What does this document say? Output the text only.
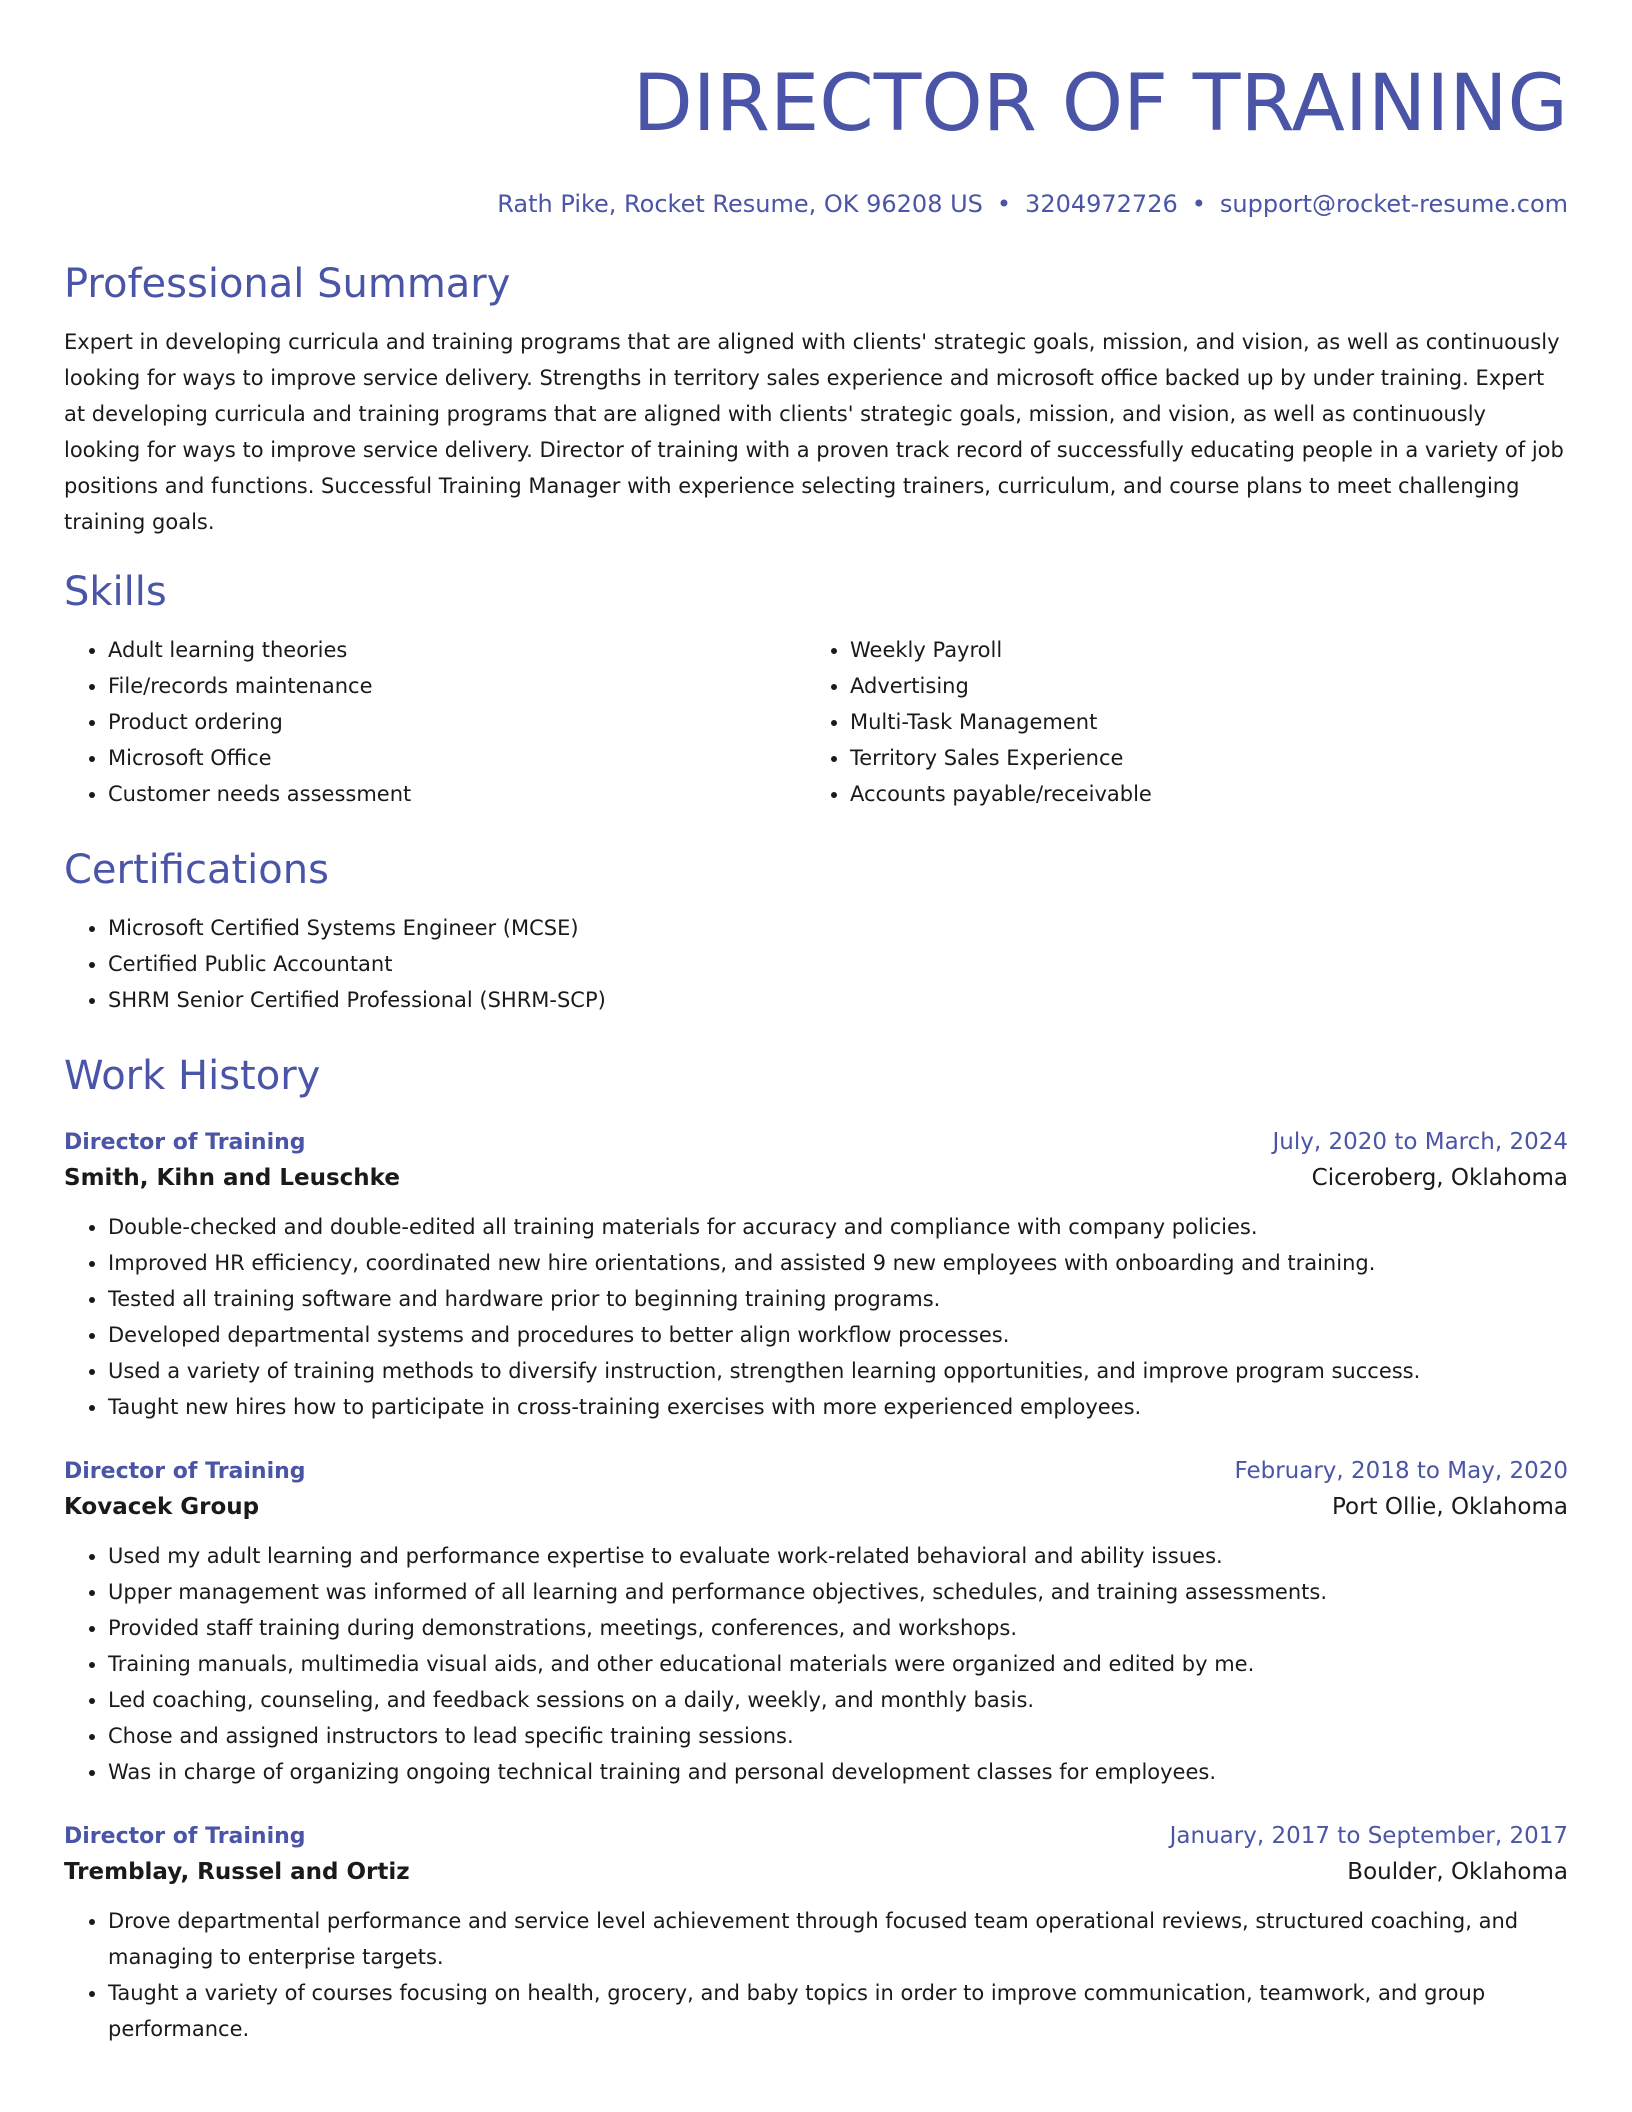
DIRECTOR OF TRAINING
Rath Pike, Rocket Resume, OK 96208 US • 3204972726 • support@rocket-resume.com
Professional Summary
Expert in developing curricula and training programs that are aligned with clients' strategic goals, mission, and vision, as well as continuously looking for ways to improve service delivery. Strengths in territory sales experience and microsoft office backed up by under training. Expert at developing curricula and training programs that are aligned with clients' strategic goals, mission, and vision, as well as continuously looking for ways to improve service delivery. Director of training with a proven track record of successfully educating people in a variety of job positions and functions. Successful Training Manager with experience selecting trainers, curriculum, and course plans to meet challenging training goals.
Skills
• Adult learning theories
• File/records maintenance
• Product ordering
• Microsoft Office
• Customer needs assessment
• Weekly Payroll
• Advertising
• Multi-Task Management
• Territory Sales Experience
• Accounts payable/receivable
Certifications
• Microsoft Certified Systems Engineer (MCSE)
• Certified Public Accountant
• SHRM Senior Certified Professional (SHRM-SCP)
Work History
Director of Training	July, 2020 to March, 2024
Smith, Kihn and Leuschke	Ciceroberg, Oklahoma
• Double-checked and double-edited all training materials for accuracy and compliance with company policies.
• Improved HR efficiency, coordinated new hire orientations, and assisted 9 new employees with onboarding and training.
• Tested all training software and hardware prior to beginning training programs.
• Developed departmental systems and procedures to better align workflow processes.
• Used a variety of training methods to diversify instruction, strengthen learning opportunities, and improve program success.
• Taught new hires how to participate in cross-training exercises with more experienced employees.
Director of Training	February, 2018 to May, 2020
Kovacek Group	Port Ollie, Oklahoma
• Used my adult learning and performance expertise to evaluate work-related behavioral and ability issues.
• Upper management was informed of all learning and performance objectives, schedules, and training assessments.
• Provided staff training during demonstrations, meetings, conferences, and workshops.
• Training manuals, multimedia visual aids, and other educational materials were organized and edited by me.
• Led coaching, counseling, and feedback sessions on a daily, weekly, and monthly basis.
• Chose and assigned instructors to lead specific training sessions.
• Was in charge of organizing ongoing technical training and personal development classes for employees.
Director of Training	January, 2017 to September, 2017
Tremblay, Russel and Ortiz	Boulder, Oklahoma
• Drove departmental performance and service level achievement through focused team operational reviews, structured coaching, and managing to enterprise targets.
• Taught a variety of courses focusing on health, grocery, and baby topics in order to improve communication, teamwork, and group performance.
